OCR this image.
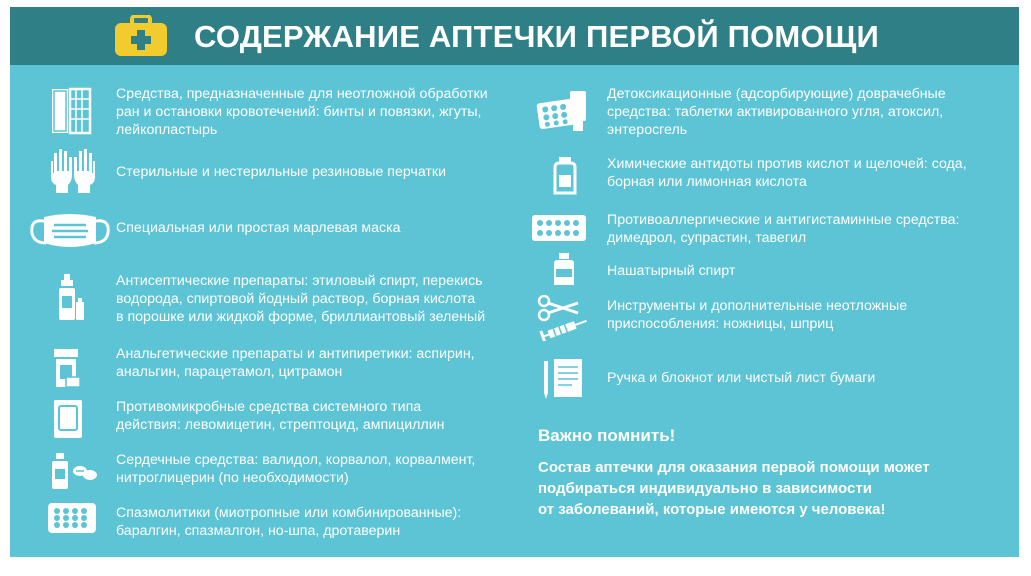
СОДЕРЖАНИЕ АПТЕЧКИ ПЕРВОЙ ПОМОЩИ
Средства, предназначенные для неотложной обработки
ран и остановки кровотечений: бинты и повязки, жгуты,
лейкопластырь
Стерильные и нестерильные резиновые перчатки
Специальная или простая марлевая маска
Антисептические препараты: этиловый спирт, перекись
водорода, спиртовой йодный раствор, борная кислота
в порошке или жидкой форме, бриллиантовый зеленый
Анальгетические препараты и антипиретики: аспирин,
анальгин, парацетамол, цитрамон
Противомикробные средства системного типа
действия: левомицетин, стрептоцид, ампициллин
Сердечные средства: валидол, корвалол, корвалмент,
нитроглицерин (по необходимости)
Спазмолитики (миотропные или комбинированные):
баралгин, спазмалгон, но-шпа, дротаверин
Детоксикационные (адсорбирующие) доврачебные
средства: таблетки активированного угля, атоксил,
энтеросгель
Химические антидоты против кислот и щелочей: сода,
борная или лимонная кислота
Противоаллергические и антигистаминные средства:
димедрол, супрастин, тавегил
Нашатырный спирт
Инструменты и дополнительные неотложные
приспособления: ножницы, шприц
Ручка и блокнот или чистый лист бумаги
Важно помнить!
Состав аптечки для оказания первой помощи может
подбираться индивидуально в зависимости
от заболеваний, которые имеются у человека!
